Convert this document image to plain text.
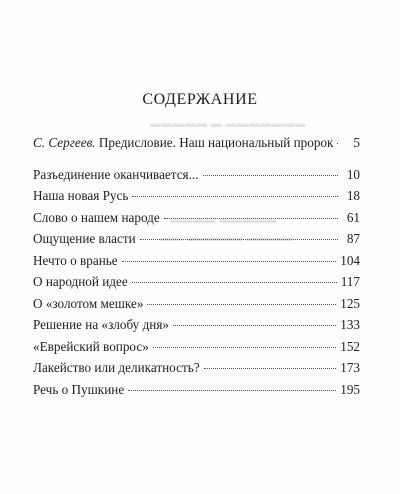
▬▬▬▬▬ ▬ ▬▬▬▬▬▬▬
▬▬▬▬ ▬▬▬▬▬
▬▬ ▬▬▬▬▬ ▬▬▬▬
СОДЕРЖАНИЕ
С. Сергеев. Предисловие. Наш национальный пророк	5
Разъединение оканчивается...	10
Наша новая Русь	18
Слово о нашем народе	61
Ощущение власти	87
Нечто о вранье	104
О народной идее	117
О «золотом мешке»	125
Решение на «злобу дня»	133
«Еврейский вопрос»	152
Лакейство или деликатность?	173
Речь о Пушкине	195
